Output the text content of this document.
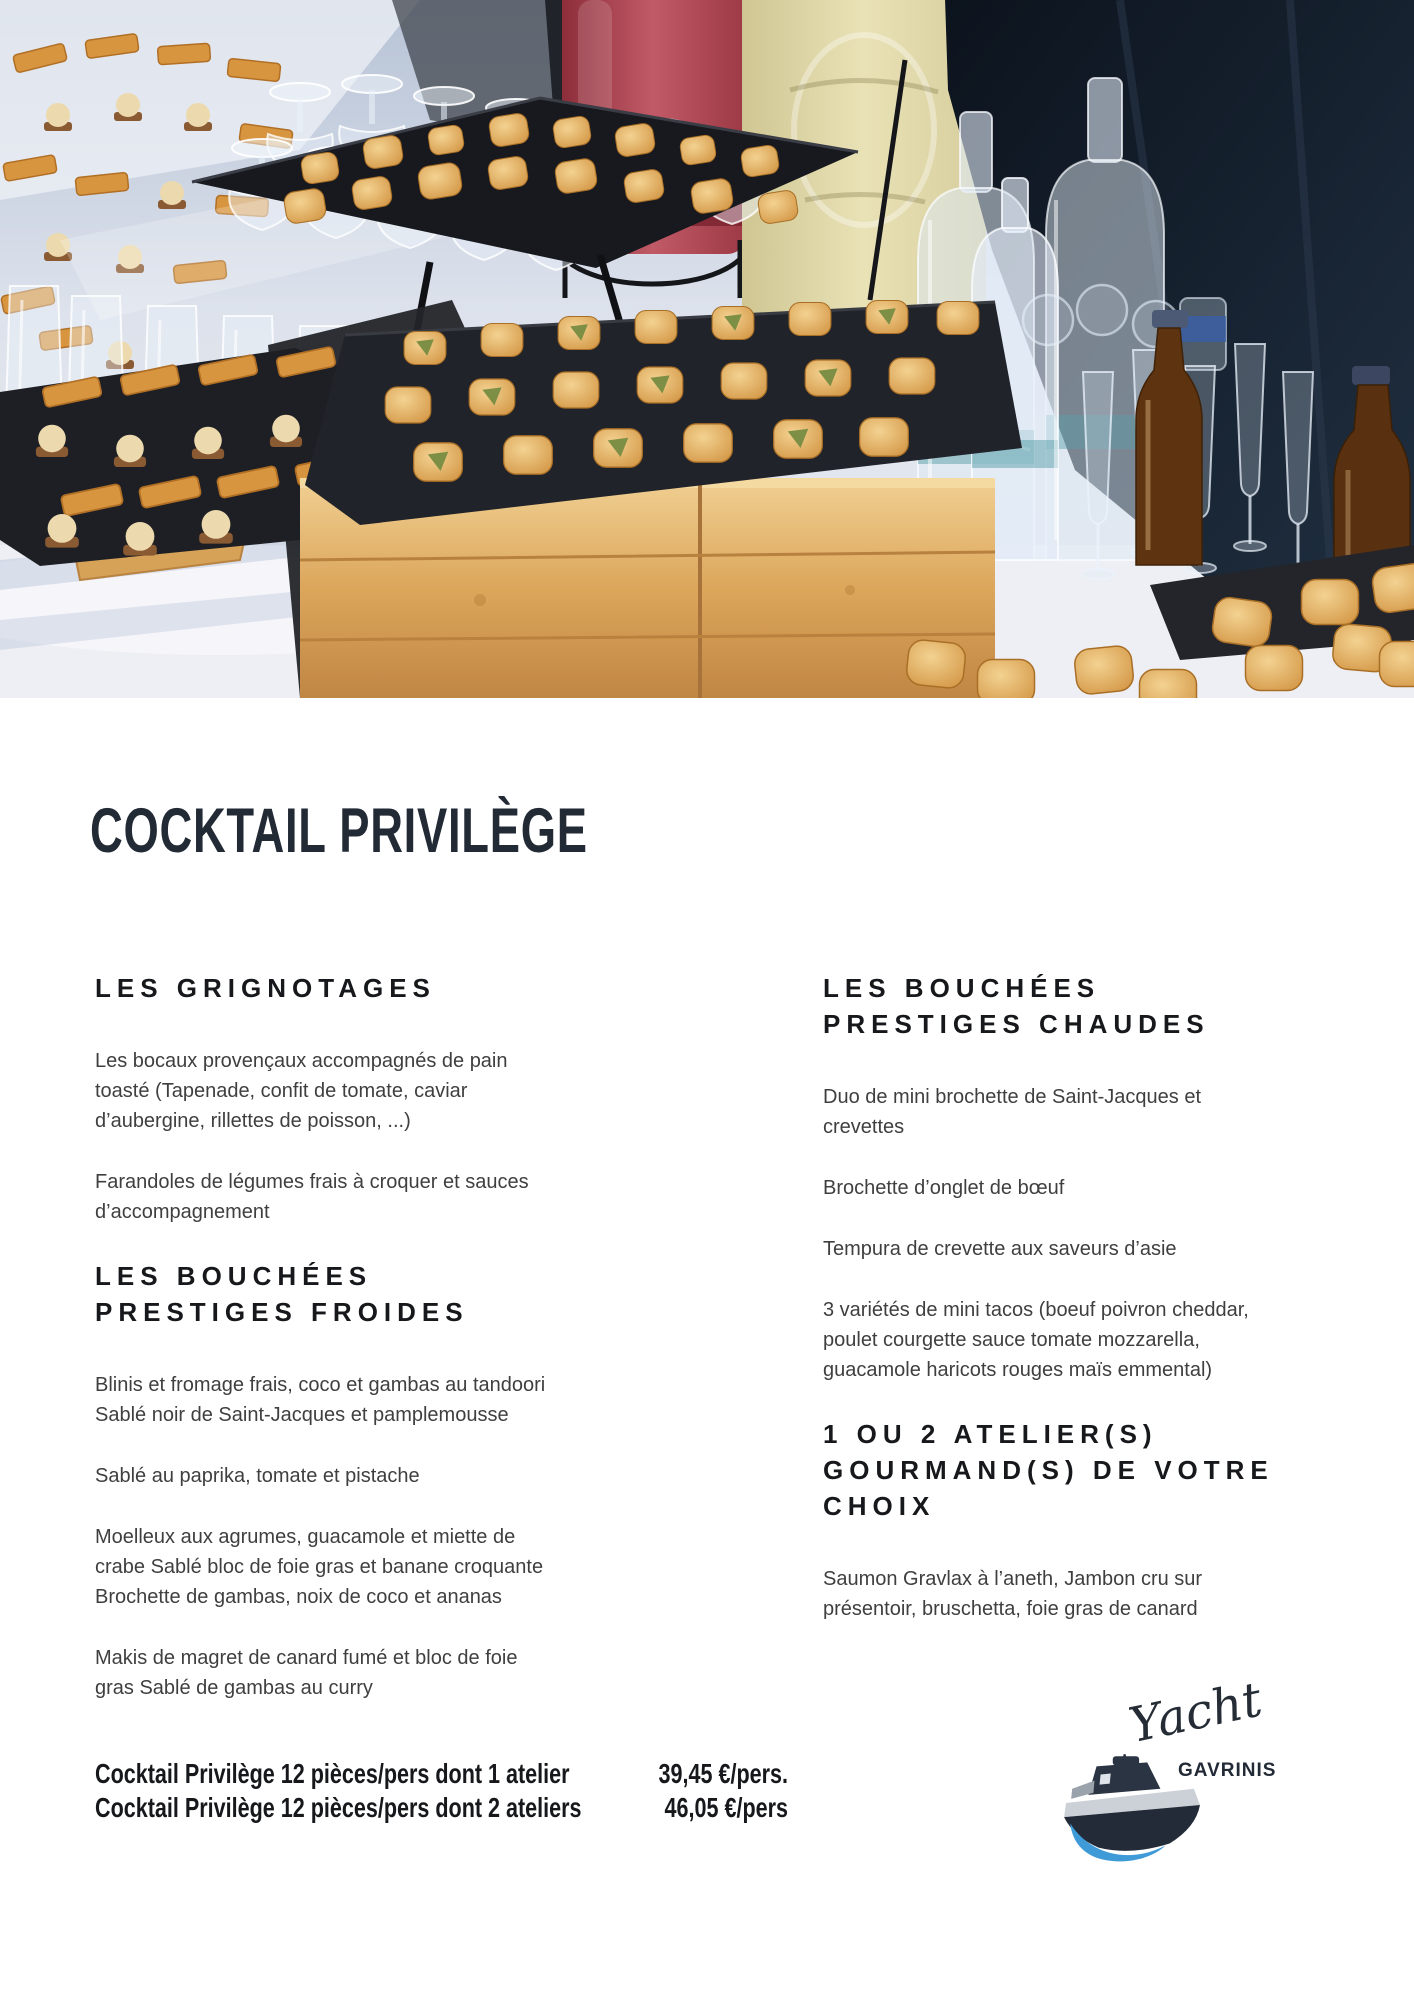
COCKTAIL PRIVILÈGE
LES GRIGNOTAGES

Les bocaux provençaux accompagnés de pain toasté (Tapenade, confit de tomate, caviar d’aubergine, rillettes de poisson, ...)

Farandoles de légumes frais à croquer et sauces d’accompagnement

LES BOUCHÉES PRESTIGES FROIDES

Blinis et fromage frais, coco et gambas au tandoori Sablé noir de Saint-Jacques et pamplemousse

Sablé au paprika, tomate et pistache

Moelleux aux agrumes, guacamole et miette de crabe Sablé bloc de foie gras et banane croquante Brochette de gambas, noix de coco et ananas

Makis de magret de canard fumé et bloc de foie gras Sablé de gambas au curry

LES BOUCHÉES PRESTIGES CHAUDES

Duo de mini brochette de Saint-Jacques et crevettes

Brochette d’onglet de bœuf

Tempura de crevette aux saveurs d’asie

3 variétés de mini tacos (boeuf poivron cheddar, poulet courgette sauce tomate mozzarella, guacamole haricots rouges maïs emmental)

1 OU 2 ATELIER(S) GOURMAND(S) DE VOTRE CHOIX

Saumon Gravlax à l’aneth, Jambon cru sur présentoir, bruschetta, foie gras de canard

Cocktail Privilège 12 pièces/pers dont 1 atelier	39,45 €/pers.
Cocktail Privilège 12 pièces/pers dont 2 ateliers	46,05 €/pers
Yacht
GAVRINIS
